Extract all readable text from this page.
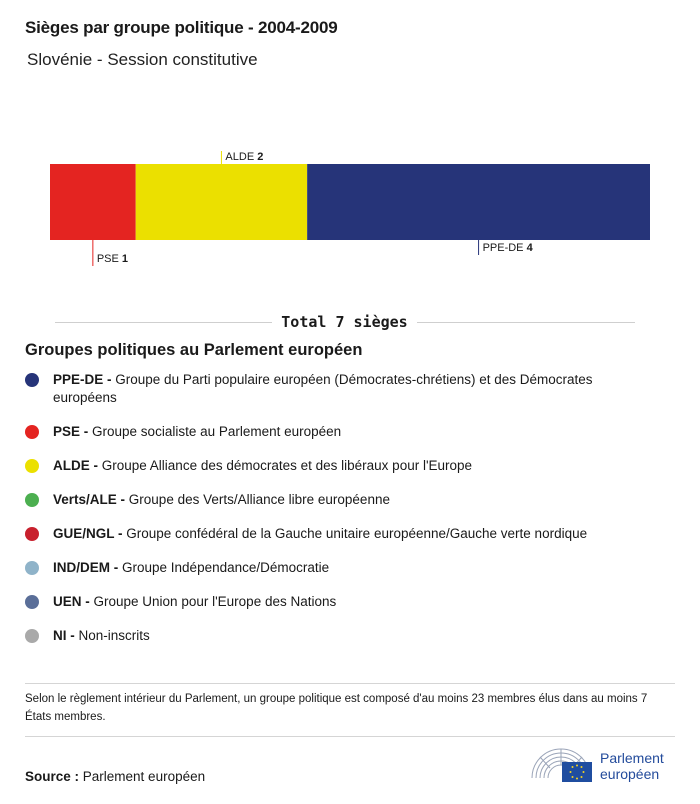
Sièges par groupe politique - 2004-2009
Slovénie - Session constitutive
PSE 1
ALDE 2
PPE-DE 4
Total 7 sièges
Groupes politiques au Parlement européen
PPE-DE - Groupe du Parti populaire européen (Démocrates-chrétiens) et des Démocrates européens
PSE - Groupe socialiste au Parlement européen
ALDE - Groupe Alliance des démocrates et des libéraux pour l'Europe
Verts/ALE - Groupe des Verts/Alliance libre européenne
GUE/NGL - Groupe confédéral de la Gauche unitaire européenne/Gauche verte nordique
IND/DEM - Groupe Indépendance/Démocratie
UEN - Groupe Union pour l'Europe des Nations
NI - Non-inscrits
Selon le règlement intérieur du Parlement, un groupe politique est composé d'au moins 23 membres élus dans au moins 7 États membres.
Source : Parlement européen
Parlement
européen
